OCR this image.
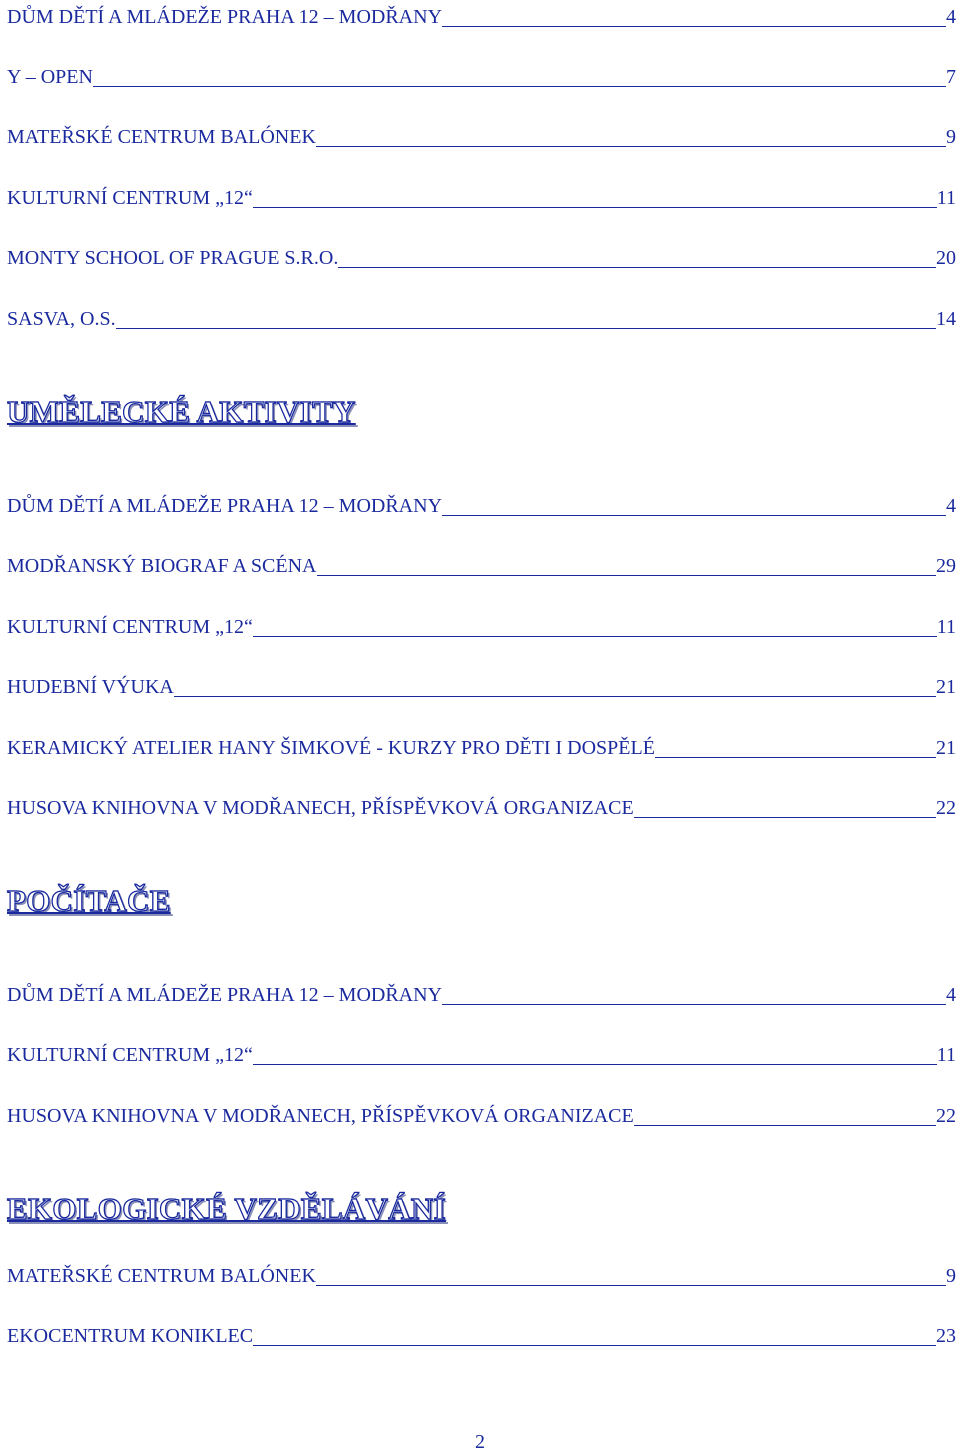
DŮM DĚTÍ A MLÁDEŽE PRAHA 12 – MODŘANY	4
Y – OPEN	7
MATEŘSKÉ CENTRUM BALÓNEK	9
KULTURNÍ CENTRUM „12“	11
MONTY SCHOOL OF PRAGUE S.R.O.	20
SASVA, O.S.	14
UMĚLECKÉ AKTIVITY
DŮM DĚTÍ A MLÁDEŽE PRAHA 12 – MODŘANY	4
MODŘANSKÝ BIOGRAF A SCÉNA	29
KULTURNÍ CENTRUM „12“	11
HUDEBNÍ VÝUKA	21
KERAMICKÝ ATELIER HANY ŠIMKOVÉ - KURZY PRO DĚTI I DOSPĚLÉ	21
HUSOVA KNIHOVNA V MODŘANECH, PŘÍSPĚVKOVÁ ORGANIZACE	22
POČÍTAČE
DŮM DĚTÍ A MLÁDEŽE PRAHA 12 – MODŘANY	4
KULTURNÍ CENTRUM „12“	11
HUSOVA KNIHOVNA V MODŘANECH, PŘÍSPĚVKOVÁ ORGANIZACE	22
EKOLOGICKÉ VZDĚLÁVÁNÍ
MATEŘSKÉ CENTRUM BALÓNEK	9
EKOCENTRUM KONIKLEC	23
2
